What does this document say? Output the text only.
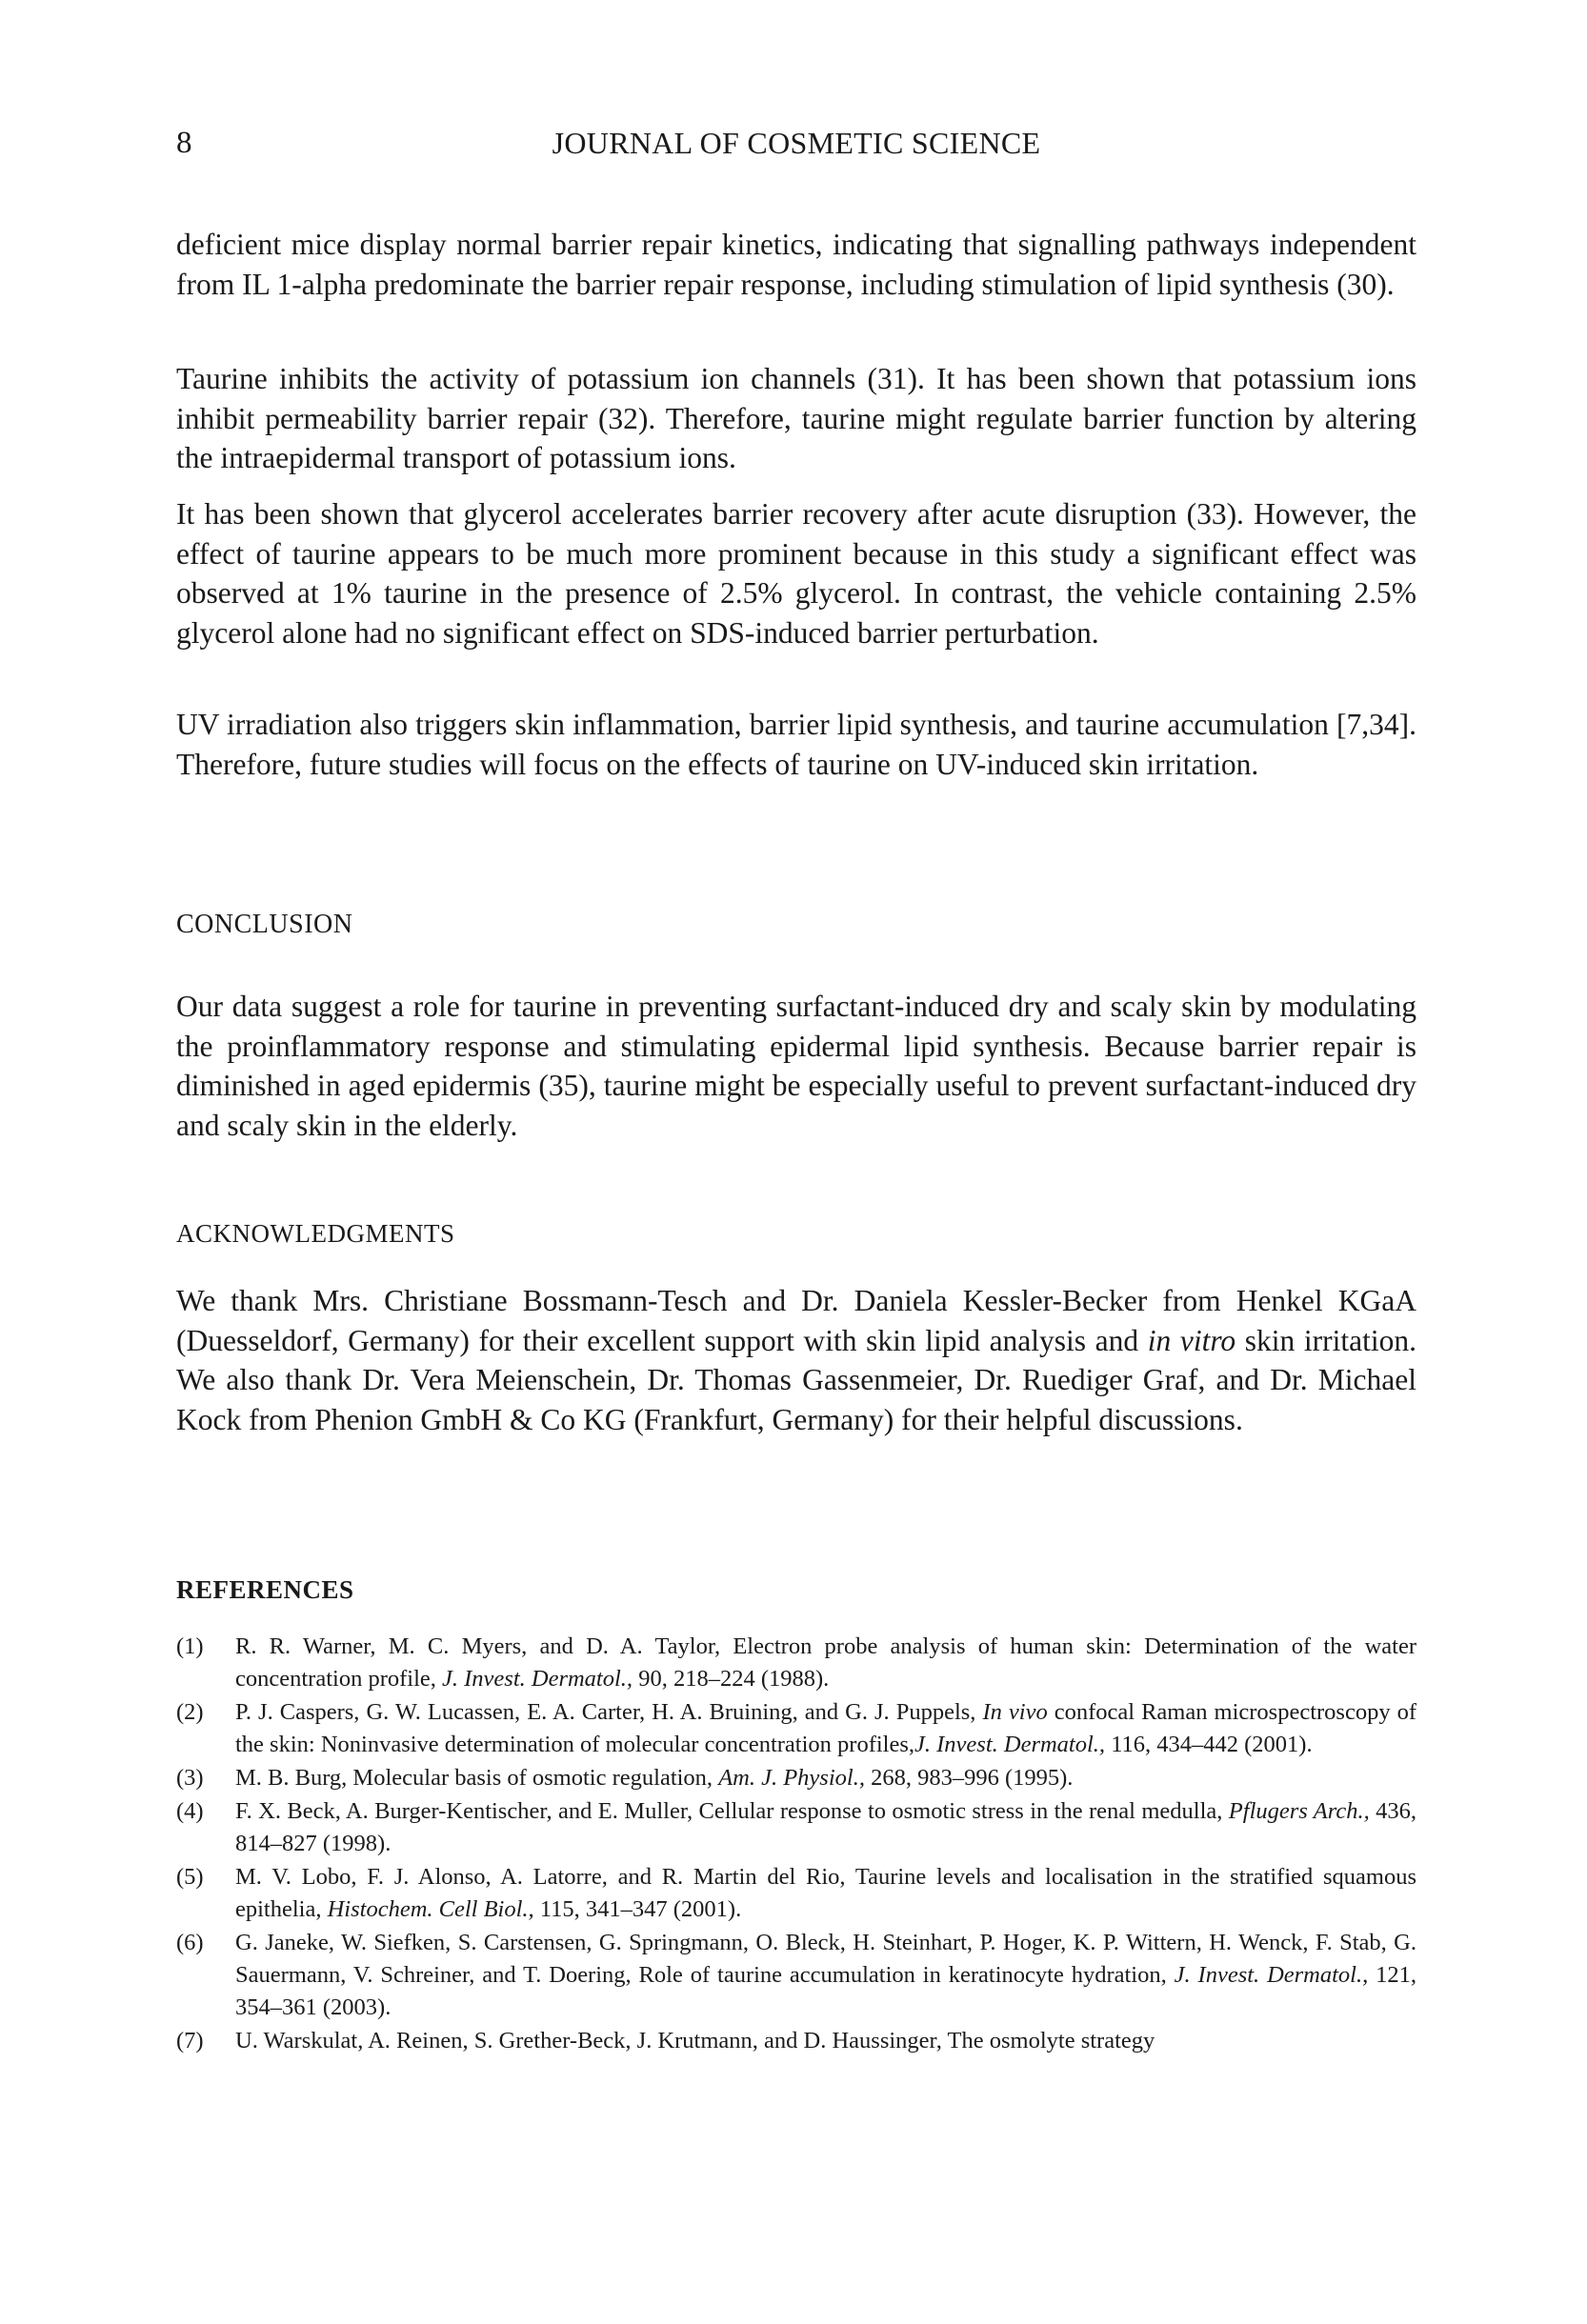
8	JOURNAL OF COSMETIC SCIENCE

deficient mice display normal barrier repair kinetics, indicating that signalling pathways independent from IL 1-alpha predominate the barrier repair response, including stimulation of lipid synthesis (30).

Taurine inhibits the activity of potassium ion channels (31). It has been shown that potassium ions inhibit permeability barrier repair (32). Therefore, taurine might regulate barrier function by altering the intraepidermal transport of potassium ions.

It has been shown that glycerol accelerates barrier recovery after acute disruption (33). However, the effect of taurine appears to be much more prominent because in this study a significant effect was observed at 1% taurine in the presence of 2.5% glycerol. In contrast, the vehicle containing 2.5% glycerol alone had no significant effect on SDS-induced barrier perturbation.

UV irradiation also triggers skin inflammation, barrier lipid synthesis, and taurine accumulation [7,34]. Therefore, future studies will focus on the effects of taurine on UV-induced skin irritation.

CONCLUSION

Our data suggest a role for taurine in preventing surfactant-induced dry and scaly skin by modulating the proinflammatory response and stimulating epidermal lipid synthesis. Because barrier repair is diminished in aged epidermis (35), taurine might be especially useful to prevent surfactant-induced dry and scaly skin in the elderly.

ACKNOWLEDGMENTS

We thank Mrs. Christiane Bossmann-Tesch and Dr. Daniela Kessler-Becker from Henkel KGaA (Duesseldorf, Germany) for their excellent support with skin lipid analysis and in vitro skin irritation. We also thank Dr. Vera Meienschein, Dr. Thomas Gassenmeier, Dr. Ruediger Graf, and Dr. Michael Kock from Phenion GmbH & Co KG (Frankfurt, Germany) for their helpful discussions.

REFERENCES
(1) R. R. Warner, M. C. Myers, and D. A. Taylor, Electron probe analysis of human skin: Determination of the water concentration profile, J. Invest. Dermatol., 90, 218–224 (1988).
(2) P. J. Caspers, G. W. Lucassen, E. A. Carter, H. A. Bruining, and G. J. Puppels, In vivo confocal Raman microspectroscopy of the skin: Noninvasive determination of molecular concentration profiles,J. Invest. Dermatol., 116, 434–442 (2001).
(3) M. B. Burg, Molecular basis of osmotic regulation, Am. J. Physiol., 268, 983–996 (1995).
(4) F. X. Beck, A. Burger-Kentischer, and E. Muller, Cellular response to osmotic stress in the renal medulla, Pflugers Arch., 436, 814–827 (1998).
(5) M. V. Lobo, F. J. Alonso, A. Latorre, and R. Martin del Rio, Taurine levels and localisation in the stratified squamous epithelia, Histochem. Cell Biol., 115, 341–347 (2001).
(6) G. Janeke, W. Siefken, S. Carstensen, G. Springmann, O. Bleck, H. Steinhart, P. Hoger, K. P. Wittern, H. Wenck, F. Stab, G. Sauermann, V. Schreiner, and T. Doering, Role of taurine accumulation in keratinocyte hydration, J. Invest. Dermatol., 121, 354–361 (2003).
(7) U. Warskulat, A. Reinen, S. Grether-Beck, J. Krutmann, and D. Haussinger, The osmolyte strategy
